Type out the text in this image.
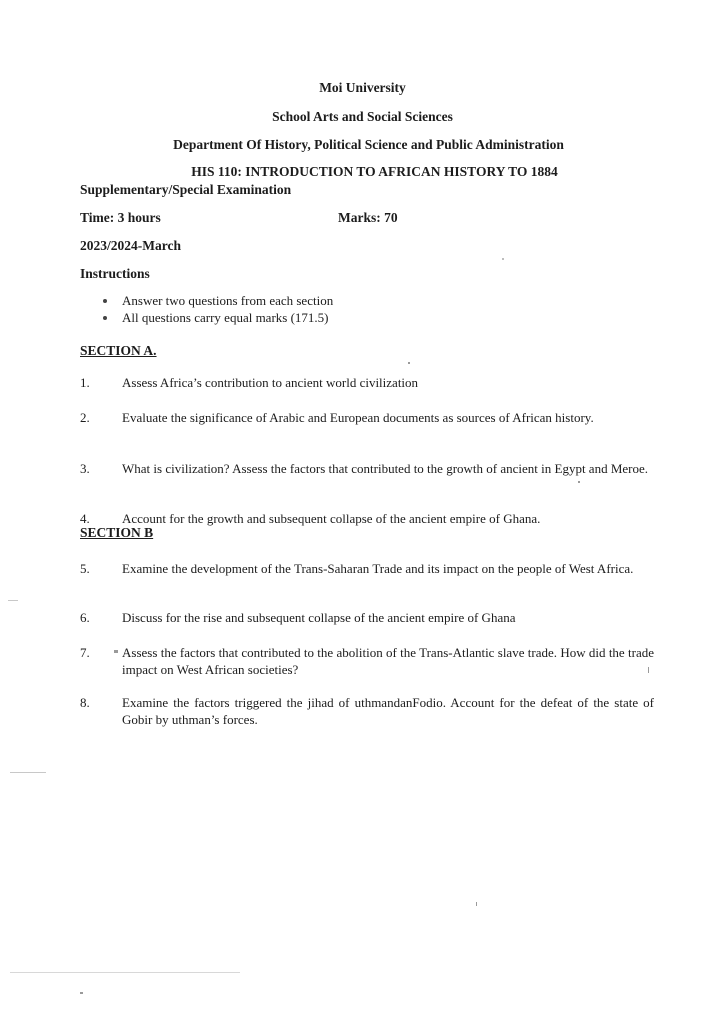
Moi University
School Arts and Social Sciences
Department Of History, Political Science and Public Administration
HIS 110: INTRODUCTION TO AFRICAN HISTORY TO 1884
Supplementary/Special Examination
Time: 3 hours	Marks: 70
2023/2024-March
Instructions
Answer two questions from each section
All questions carry equal marks (171.5)
SECTION A.
1. Assess Africa’s contribution to ancient world civilization
2. Evaluate the significance of Arabic and European documents as sources of African history.
3. What is civilization? Assess the factors that contributed to the growth of ancient in Egypt and Meroe.
4. Account for the growth and subsequent collapse of the ancient empire of Ghana.
SECTION B
5. Examine the development of the Trans-Saharan Trade and its impact on the people of West Africa.
6. Discuss for the rise and subsequent collapse of the ancient empire of Ghana
7. Assess the factors that contributed to the abolition of the Trans-Atlantic slave trade. How did the trade impact on West African societies?
8. Examine the factors triggered the jihad of uthmandanFodio. Account for the defeat of the state of Gobir by uthman’s forces.
